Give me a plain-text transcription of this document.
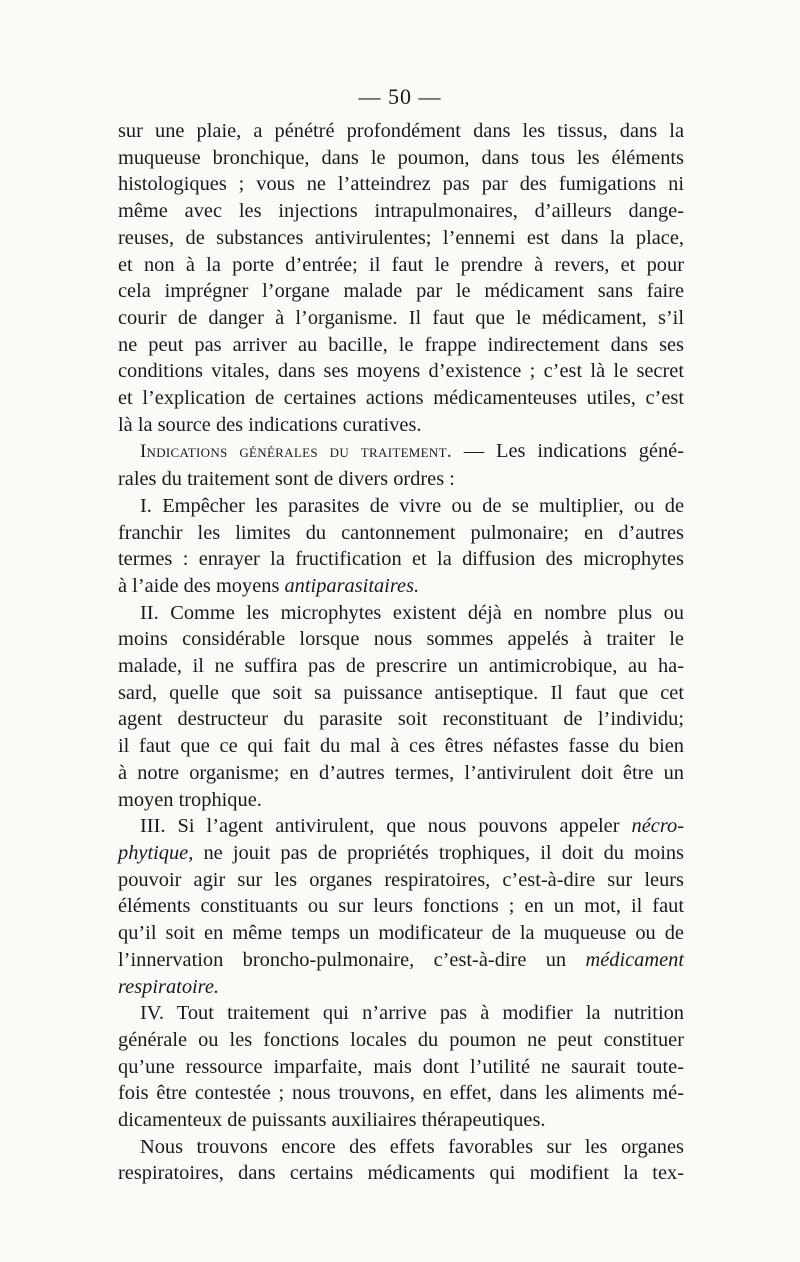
— 50 —

sur une plaie, a pénétré profondément dans les tissus, dans la
muqueuse bronchique, dans le poumon, dans tous les éléments
histologiques ; vous ne l’atteindrez pas par des fumigations ni
même avec les injections intrapulmonaires, d’ailleurs dange-
reuses, de substances antivirulentes; l’ennemi est dans la place,
et non à la porte d’entrée; il faut le prendre à revers, et pour
cela imprégner l’organe malade par le médicament sans faire
courir de danger à l’organisme. Il faut que le médicament, s’il
ne peut pas arriver au bacille, le frappe indirectement dans ses
conditions vitales, dans ses moyens d’existence ; c’est là le secret
et l’explication de certaines actions médicamenteuses utiles, c’est
là la source des indications curatives.

Indications générales du traitement. — Les indications géné-
rales du traitement sont de divers ordres :

I. Empêcher les parasites de vivre ou de se multiplier, ou de
franchir les limites du cantonnement pulmonaire; en d’autres
termes : enrayer la fructification et la diffusion des microphytes
à l’aide des moyens antiparasitaires.

II. Comme les microphytes existent déjà en nombre plus ou
moins considérable lorsque nous sommes appelés à traiter le
malade, il ne suffira pas de prescrire un antimicrobique, au ha-
sard, quelle que soit sa puissance antiseptique. Il faut que cet
agent destructeur du parasite soit reconstituant de l’individu;
il faut que ce qui fait du mal à ces êtres néfastes fasse du bien
à notre organisme; en d’autres termes, l’antivirulent doit être un
moyen trophique.

III. Si l’agent antivirulent, que nous pouvons appeler nécro-
phytique, ne jouit pas de propriétés trophiques, il doit du moins
pouvoir agir sur les organes respiratoires, c’est-à-dire sur leurs
éléments constituants ou sur leurs fonctions ; en un mot, il faut
qu’il soit en même temps un modificateur de la muqueuse ou de
l’innervation broncho-pulmonaire, c’est-à-dire un médicament
respiratoire.

IV. Tout traitement qui n’arrive pas à modifier la nutrition
générale ou les fonctions locales du poumon ne peut constituer
qu’une ressource imparfaite, mais dont l’utilité ne saurait toute-
fois être contestée ; nous trouvons, en effet, dans les aliments mé-
dicamenteux de puissants auxiliaires thérapeutiques.

Nous trouvons encore des effets favorables sur les organes
respiratoires, dans certains médicaments qui modifient la tex-
